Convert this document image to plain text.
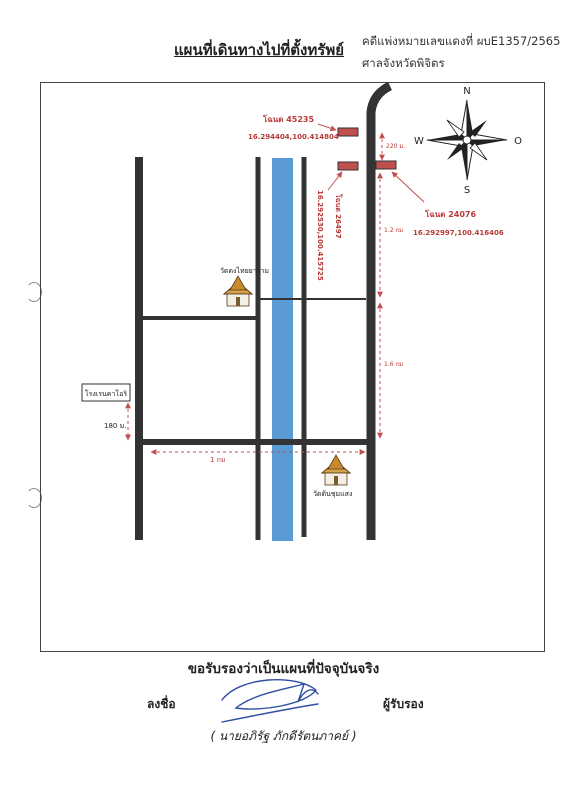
แผนที่เดินทางไปที่ตั้งทรัพย์ คดีแพ่งหมายเลขแดงที่ ผบE1357/2565
ศาลจังหวัดพิจิตร
N
S
O
W
โฉนด 45235
16.294404,100.414804
โฉนด 26497
16.292530,100.415725	โฉนด 24076
16.292997,100.416406
220 ม.
1.2 กม
1.6 กม
180 ม.
1 กม
วัดดงไทยยาราม
วัดต้นชุมแสง
โรงเรนคาโอริ
ขอรับรองว่าเป็นแผนที่ปัจจุบันจริง
ลงชื่อ	ผู้รับรอง
( นายอภิรัฐ ภักดีรัตนภาคย์ )
